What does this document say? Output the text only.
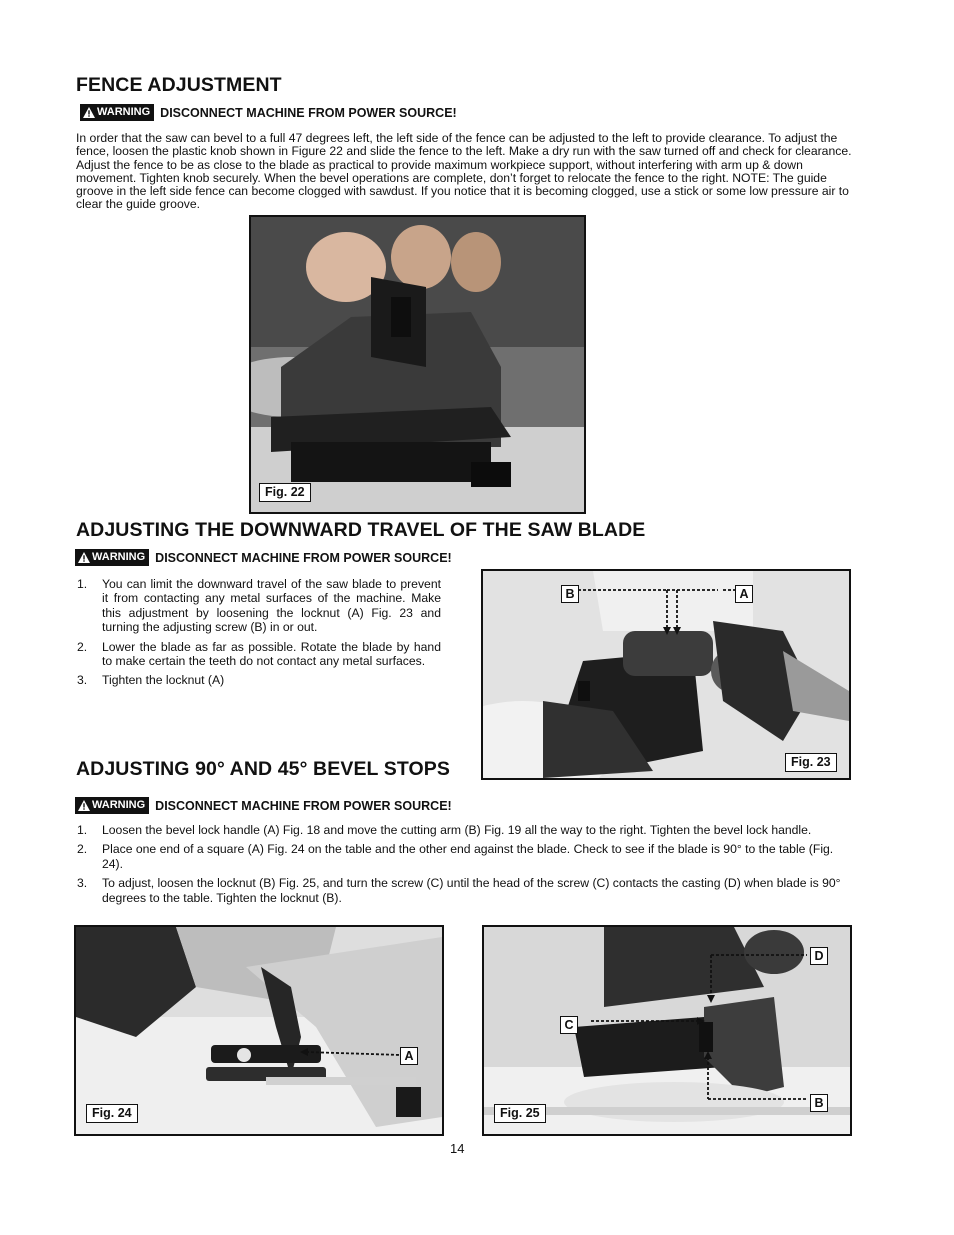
FENCE ADJUSTMENT
WARNING DISCONNECT MACHINE FROM POWER SOURCE!

In order that the saw can bevel to a full 47 degrees left, the left side of the fence can be adjusted to the left to provide clearance. To adjust the fence, loosen the plastic knob shown in Figure 22 and slide the fence to the left. Make a dry run with the saw turned off and check for clearance. Adjust the fence to be as close to the blade as practical to provide maximum workpiece support, without interfering with arm up & down movement. Tighten knob securely. When the bevel operations are complete, don’t forget to relocate the fence to the right. NOTE: The guide groove in the left side fence can become clogged with sawdust. If you notice that it is becoming clogged, use a stick or some low pressure air to clear the guide groove.

Fig. 22
ADJUSTING THE DOWNWARD TRAVEL OF THE SAW BLADE
WARNING DISCONNECT MACHINE FROM POWER SOURCE!
1. You can limit the downward travel of the saw blade to prevent it from contacting any metal surfaces of the machine. Make this adjustment by loosening the locknut (A) Fig. 23 and turning the adjusting screw (B) in or out.
2. Lower the blade as far as possible. Rotate the blade by hand to make certain the teeth do not contact any metal surfaces.
3. Tighten the locknut (A)
B	A
Fig. 23
ADJUSTING 90° AND 45° BEVEL STOPS
WARNING DISCONNECT MACHINE FROM POWER SOURCE!
1. Loosen the bevel lock handle (A) Fig. 18 and move the cutting arm (B) Fig. 19 all the way to the right. Tighten the bevel lock handle.
2. Place one end of a square (A) Fig. 24 on the table and the other end against the blade. Check to see if the blade is 90° to the table (Fig. 24).
3. To adjust, loosen the locknut (B) Fig. 25, and turn the screw (C) until the head of the screw (C) contacts the casting (D) when blade is 90° degrees to the table. Tighten the locknut (B).
A
Fig. 24
D
C
B
Fig. 25
14
